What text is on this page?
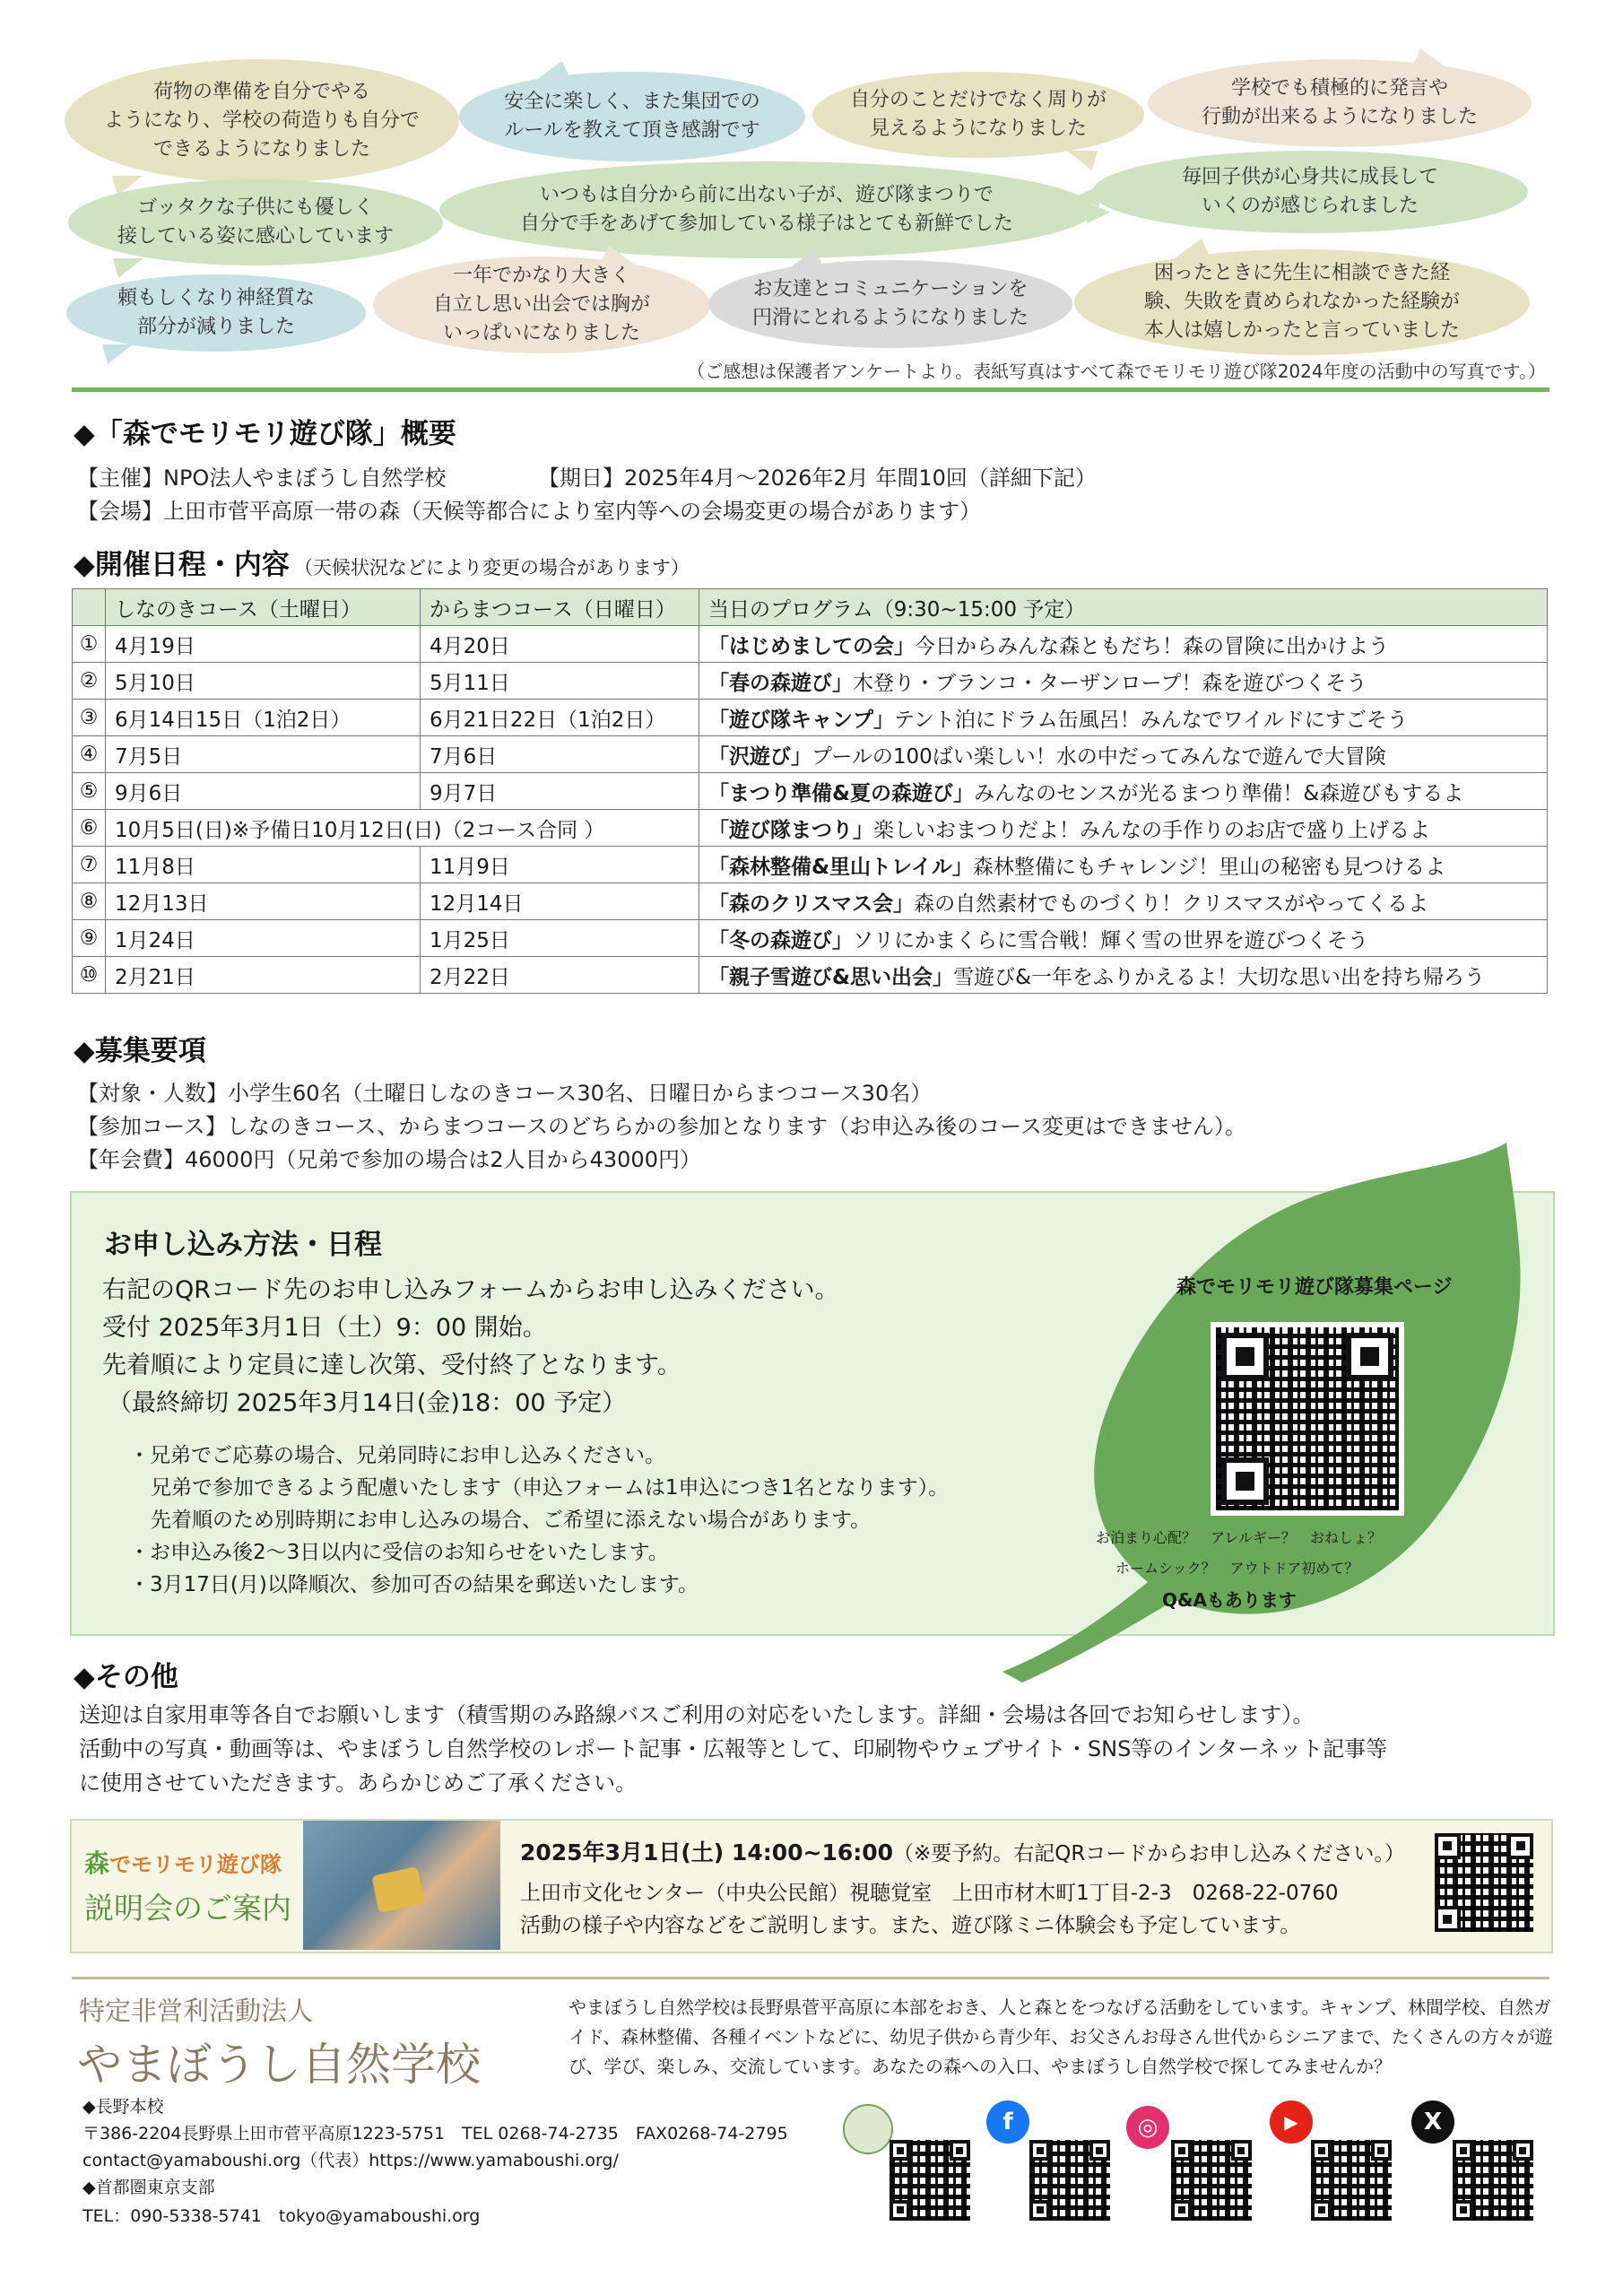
荷物の準備を自分でやる
ようになり、学校の荷造りも自分で
できるようになりました
安全に楽しく、また集団での
ルールを教えて頂き感謝です
自分のことだけでなく周りが
見えるようになりました
学校でも積極的に発言や
行動が出来るようになりました
ゴッタクな子供にも優しく
接している姿に感心しています
いつもは自分から前に出ない子が、遊び隊まつりで
自分で手をあげて参加している様子はとても新鮮でした
毎回子供が心身共に成長して
いくのが感じられました
頼もしくなり神経質な
部分が減りました
一年でかなり大きく
自立し思い出会では胸が
いっぱいになりました
お友達とコミュニケーションを
円滑にとれるようになりました
困ったときに先生に相談できた経
験、失敗を責められなかった経験が
本人は嬉しかったと言っていました
（ご感想は保護者アンケートより。表紙写真はすべて森でモリモリ遊び隊2024年度の活動中の写真です。）
◆「森でモリモリ遊び隊」概要
【主催】NPO法人やまぼうし自然学校	【期日】2025年4月～2026年2月 年間10回（詳細下記）
【会場】上田市菅平高原一帯の森（天候等都合により室内等への会場変更の場合があります）
◆開催日程・内容 （天候状況などにより変更の場合があります）
	しなのきコース（土曜日）	からまつコース（日曜日）	当日のプログラム（9:30~15:00 予定）
①	4月19日	4月20日	「はじめましての会」今日からみんな森ともだち！森の冒険に出かけよう
②	5月10日	5月11日	「春の森遊び」木登り・ブランコ・ターザンロープ！森を遊びつくそう
③	6月14日15日（1泊2日）	6月21日22日（1泊2日）	「遊び隊キャンプ」テント泊にドラム缶風呂！みんなでワイルドにすごそう
④	7月5日	7月6日	「沢遊び」プールの100ばい楽しい！水の中だってみんなで遊んで大冒険
⑤	9月6日	9月7日	「まつり準備&夏の森遊び」みんなのセンスが光るまつり準備！&森遊びもするよ
⑥	10月5日(日)※予備日10月12日(日)（2コース合同 ）		「遊び隊まつり」楽しいおまつりだよ！みんなの手作りのお店で盛り上げるよ
⑦	11月8日	11月9日	「森林整備&里山トレイル」森林整備にもチャレンジ！里山の秘密も見つけるよ
⑧	12月13日	12月14日	「森のクリスマス会」森の自然素材でものづくり！クリスマスがやってくるよ
⑨	1月24日	1月25日	「冬の森遊び」ソリにかまくらに雪合戦！輝く雪の世界を遊びつくそう
⑩	2月21日	2月22日	「親子雪遊び&思い出会」雪遊び&一年をふりかえるよ！大切な思い出を持ち帰ろう
◆募集要項
【対象・人数】小学生60名（土曜日しなのきコース30名、日曜日からまつコース30名）
【参加コース】しなのきコース、からまつコースのどちらかの参加となります（お申込み後のコース変更はできません）。
【年会費】46000円（兄弟で参加の場合は2人目から43000円）
お申し込み方法・日程
右記のQRコード先のお申し込みフォームからお申し込みください。
受付 2025年3月1日（土）9：00 開始。
先着順により定員に達し次第、受付終了となります。
（最終締切 2025年3月14日(金)18：00 予定）
・兄弟でご応募の場合、兄弟同時にお申し込みください。
兄弟で参加できるよう配慮いたします（申込フォームは1申込につき1名となります）。
先着順のため別時期にお申し込みの場合、ご希望に添えない場合があります。
・お申込み後2～3日以内に受信のお知らせをいたします。
・3月17日(月)以降順次、参加可否の結果を郵送いたします。
森でモリモリ遊び隊募集ページ
お泊まり心配？　アレルギー？　おねしょ？
ホームシック？　アウトドア初めて？
Q&Aもあります
◆その他
送迎は自家用車等各自でお願いします（積雪期のみ路線バスご利用の対応をいたします。詳細・会場は各回でお知らせします）。
活動中の写真・動画等は、やまぼうし自然学校のレポート記事・広報等として、印刷物やウェブサイト・SNS等のインターネット記事等
に使用させていただきます。あらかじめご了承ください。
森でモリモリ遊び隊
説明会のご案内
2025年3月1日(土) 14:00~16:00（※要予約。右記QRコードからお申し込みください。）
上田市文化センター（中央公民館）視聴覚室　上田市材木町1丁目-2-3　0268-22-0760
活動の様子や内容などをご説明します。また、遊び隊ミニ体験会も予定しています。
特定非営利活動法人
やまぼうし自然学校
やまぼうし自然学校は長野県菅平高原に本部をおき、人と森とをつなげる活動をしています。キャンプ、林間学校、自然ガイド、森林整備、各種イベントなどに、幼児子供から青少年、お父さんお母さん世代からシニアまで、たくさんの方々が遊び、学び、楽しみ、交流しています。あなたの森への入口、やまぼうし自然学校で探してみませんか？
◆長野本校
〒386-2204長野県上田市菅平高原1223-5751　TEL 0268-74-2735　FAX0268-74-2795
contact@yamaboushi.org（代表）https://www.yamaboushi.org/
◆首都圏東京支部
TEL：090-5338-5741　tokyo@yamaboushi.org
f	◎	▶	X
